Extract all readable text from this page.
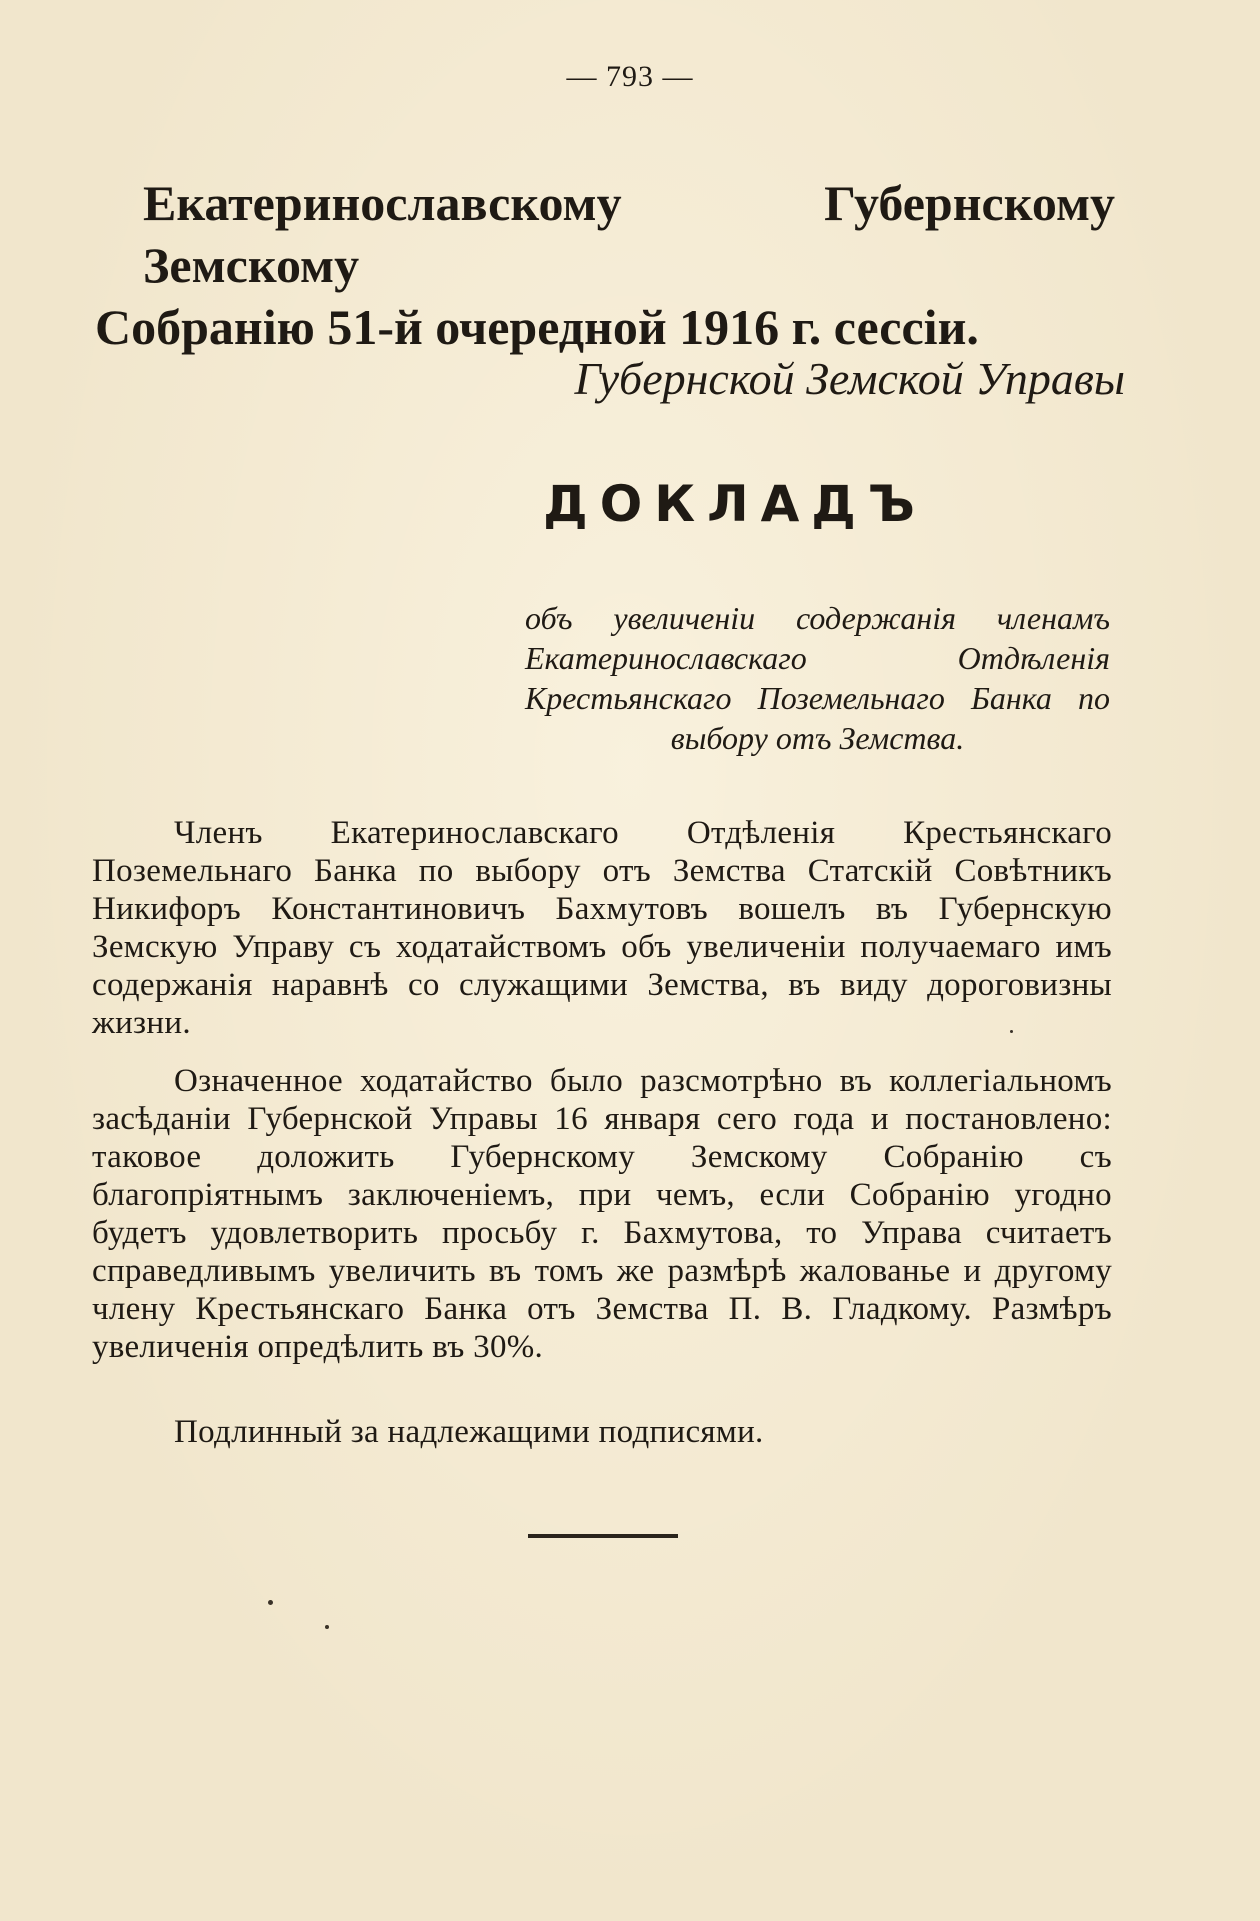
— 793 —
Екатеринославскому Губернскому Земскому
Собранію 51-й очередной 1916 г. сессіи.

Губернской Земской Управы

ДОКЛАДЪ

объ увеличеніи содержанія членамъ Екатеринославскаго Отдѣленія Крестьянскаго Поземельнаго Банка по выбору отъ Земства.

Членъ Екатеринославскаго Отдѣленія Крестьянскаго Поземельнаго Банка по выбору отъ Земства Статскій Совѣтникъ Никифоръ Константиновичъ Бахмутовъ вошелъ въ Губернскую Земскую Управу съ ходатайствомъ объ увеличеніи получаемаго имъ содержанія наравнѣ со служащими Земства, въ виду дороговизны жизни.

Означенное ходатайство было разсмотрѣно въ коллегіальномъ засѣданіи Губернской Управы 16 января сего года и постановлено: таковое доложить Губернскому Земскому Собранію съ благопріятнымъ заключеніемъ, при чемъ, если Собранію угодно будетъ удовлетворить просьбу г. Бахмутова, то Управа считаетъ справедливымъ увеличить въ томъ же размѣрѣ жалованье и другому члену Крестьянскаго Банка отъ Земства П. В. Гладкому. Размѣръ увеличенія опредѣлить въ 30%.

Подлинный за надлежащими подписями.
